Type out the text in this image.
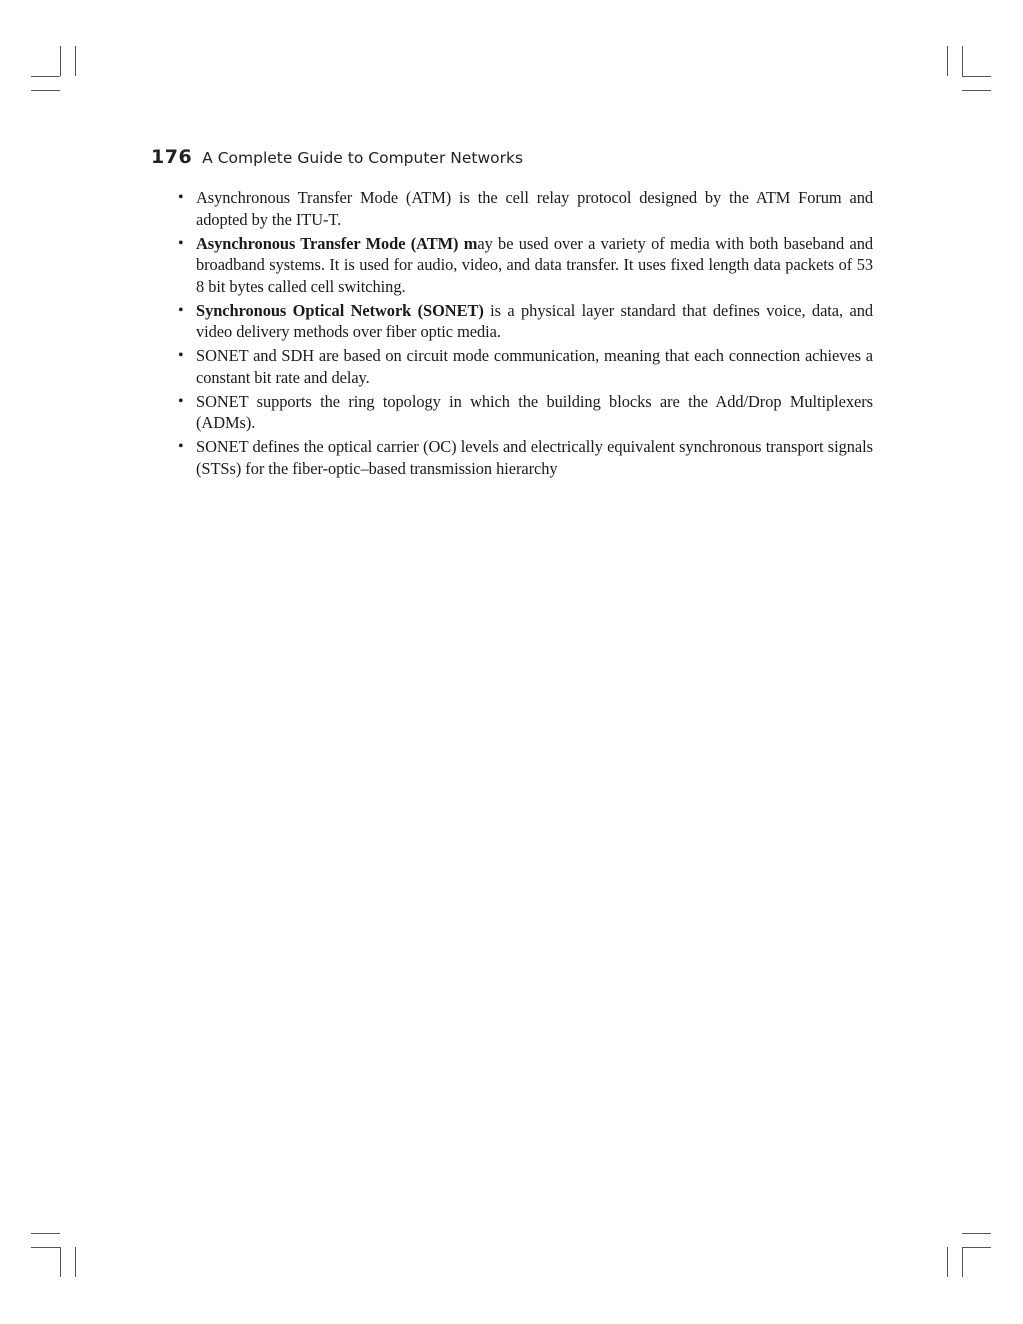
176 A Complete Guide to Computer Networks
• Asynchronous Transfer Mode (ATM) is the cell relay protocol designed by the ATM Forum and adopted by the ITU-T.
• Asynchronous Transfer Mode (ATM) may be used over a variety of media with both baseband and broadband systems. It is used for audio, video, and data transfer. It uses fixed length data packets of 53 8 bit bytes called cell switching.
• Synchronous Optical Network (SONET) is a physical layer standard that defines voice, data, and video delivery methods over fiber optic media.
• SONET and SDH are based on circuit mode communication, meaning that each connection achieves a constant bit rate and delay.
• SONET supports the ring topology in which the building blocks are the Add/Drop Multiplexers (ADMs).
• SONET defines the optical carrier (OC) levels and electrically equivalent synchronous transport signals (STSs) for the fiber-optic–based transmission hierarchy
